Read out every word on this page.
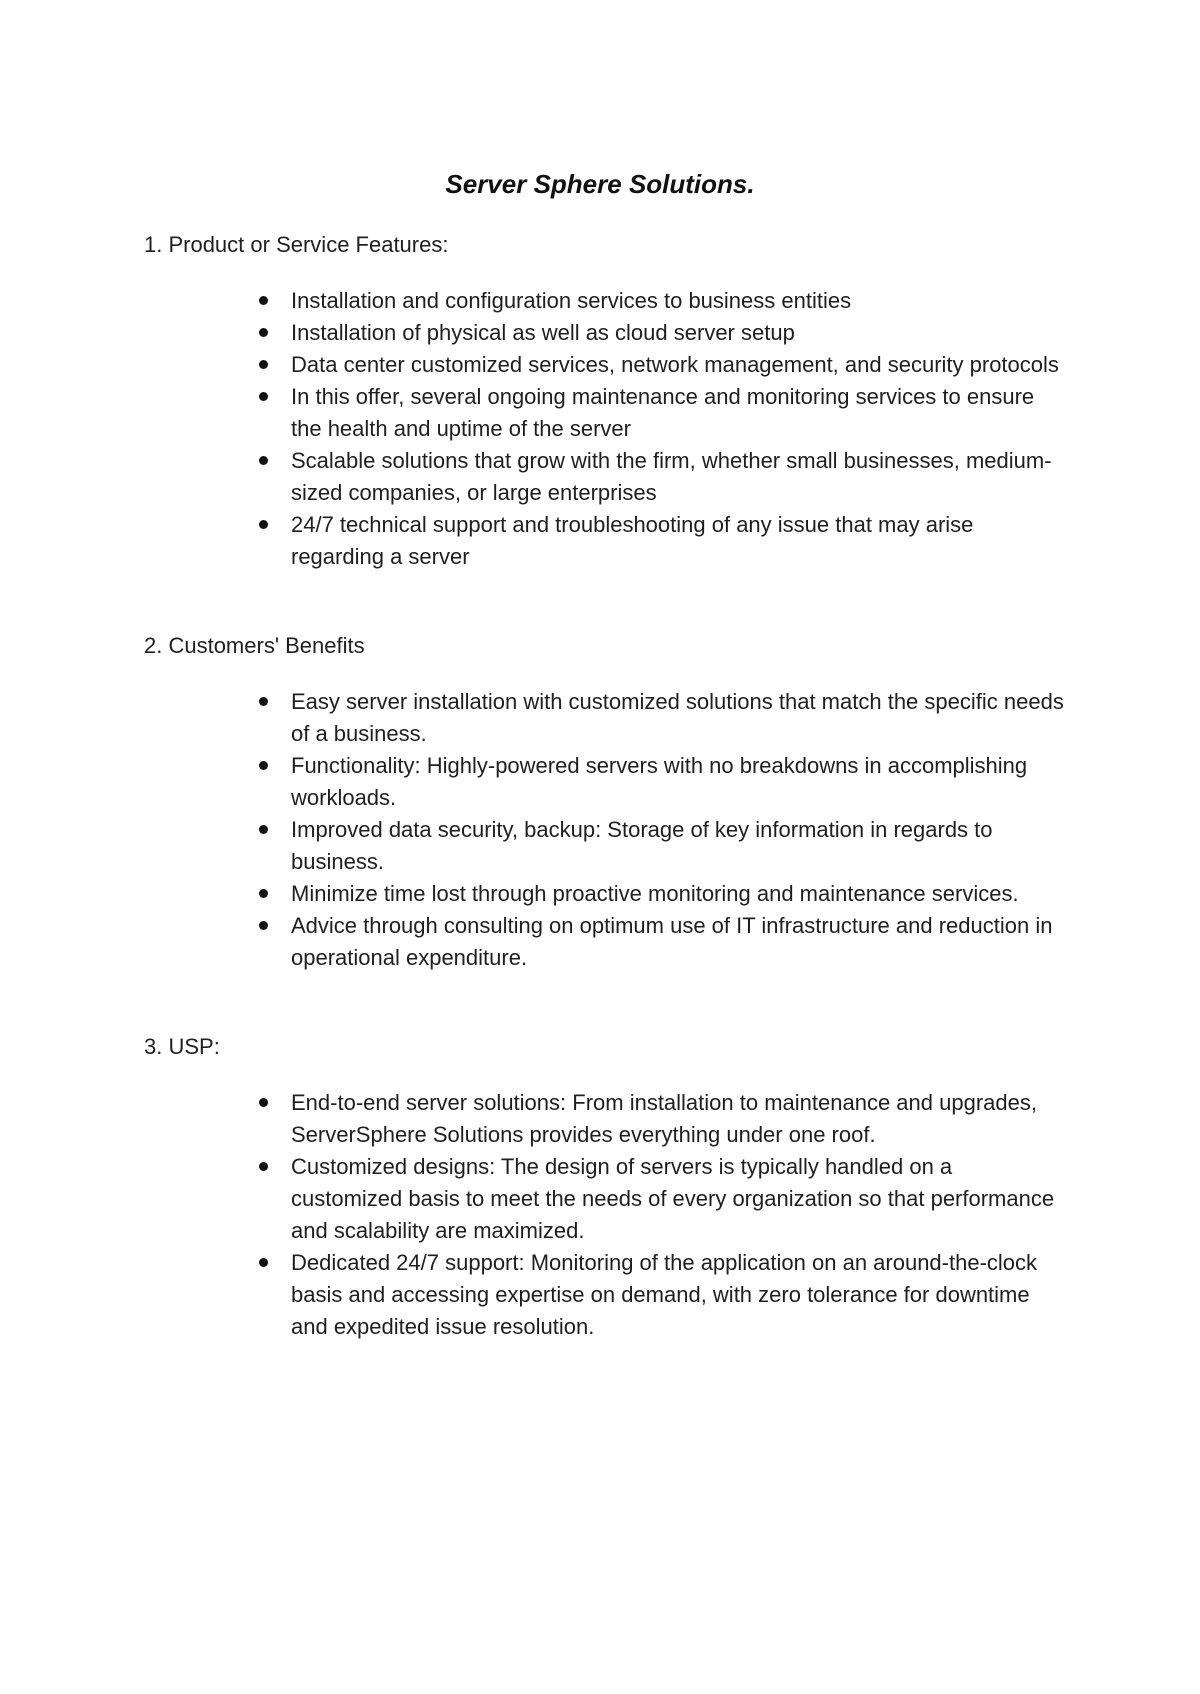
Server Sphere Solutions.

1. Product or Service Features:

Installation and configuration services to business entities
Installation of physical as well as cloud server setup
Data center customized services, network management, and security protocols
In this offer, several ongoing maintenance and monitoring services to ensure the health and uptime of the server
Scalable solutions that grow with the firm, whether small businesses, medium-sized companies, or large enterprises
24/7 technical support and troubleshooting of any issue that may arise regarding a server

2. Customers' Benefits

Easy server installation with customized solutions that match the specific needs of a business.
Functionality: Highly-powered servers with no breakdowns in accomplishing workloads.
Improved data security, backup: Storage of key information in regards to business.
Minimize time lost through proactive monitoring and maintenance services.
Advice through consulting on optimum use of IT infrastructure and reduction in operational expenditure.

3. USP:

End-to-end server solutions: From installation to maintenance and upgrades, ServerSphere Solutions provides everything under one roof.
Customized designs: The design of servers is typically handled on a customized basis to meet the needs of every organization so that performance and scalability are maximized.
Dedicated 24/7 support: Monitoring of the application on an around-the-clock basis and accessing expertise on demand, with zero tolerance for downtime and expedited issue resolution.
